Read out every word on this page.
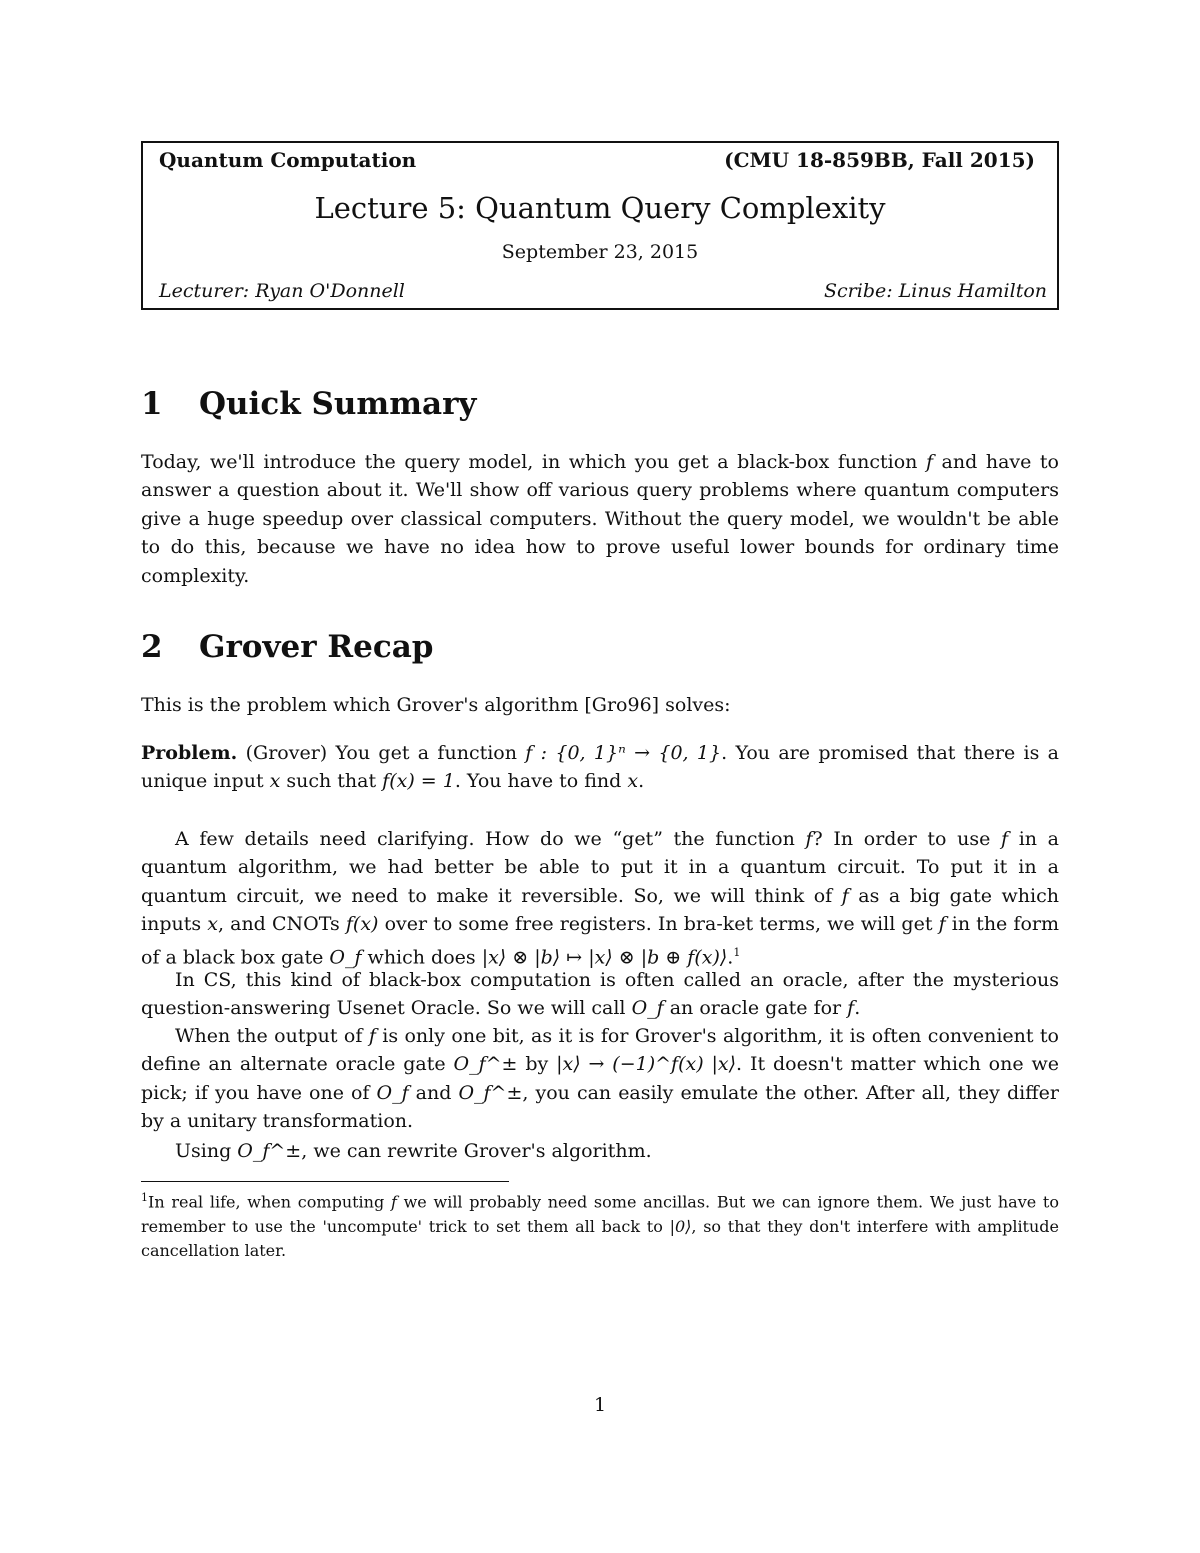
Quantum Computation	(CMU 18-859BB, Fall 2015)
Lecture 5: Quantum Query Complexity
September 23, 2015
Lecturer: Ryan O'Donnell	Scribe: Linus Hamilton
1 Quick Summary

Today, we'll introduce the query model, in which you get a black-box function f and have to answer a question about it. We'll show off various query problems where quantum computers give a huge speedup over classical computers. Without the query model, we wouldn't be able to do this, because we have no idea how to prove useful lower bounds for ordinary time complexity.

2 Grover Recap

This is the problem which Grover's algorithm [Gro96] solves:

Problem. (Grover) You get a function f : {0, 1}ⁿ → {0, 1}. You are promised that there is a unique input x such that f(x) = 1. You have to find x.

A few details need clarifying. How do we “get” the function f? In order to use f in a quantum algorithm, we had better be able to put it in a quantum circuit. To put it in a quantum circuit, we need to make it reversible. So, we will think of f as a big gate which inputs x, and CNOTs f(x) over to some free registers. In bra-ket terms, we will get f in the form of a black box gate O_f which does |x⟩ ⊗ |b⟩ ↦ |x⟩ ⊗ |b ⊕ f(x)⟩.$^1$

In CS, this kind of black-box computation is often called an oracle, after the mysterious question-answering Usenet Oracle. So we will call O_f an oracle gate for f.

When the output of f is only one bit, as it is for Grover's algorithm, it is often convenient to define an alternate oracle gate O_f^± by |x⟩ → (−1)^f(x) |x⟩. It doesn't matter which one we pick; if you have one of O_f and O_f^±, you can easily emulate the other. After all, they differ by a unitary transformation.

Using O_f^±, we can rewrite Grover's algorithm.

$^1$In real life, when computing f we will probably need some ancillas. But we can ignore them. We just have to remember to use the 'uncompute' trick to set them all back to |0⟩, so that they don't interfere with amplitude cancellation later.

1
